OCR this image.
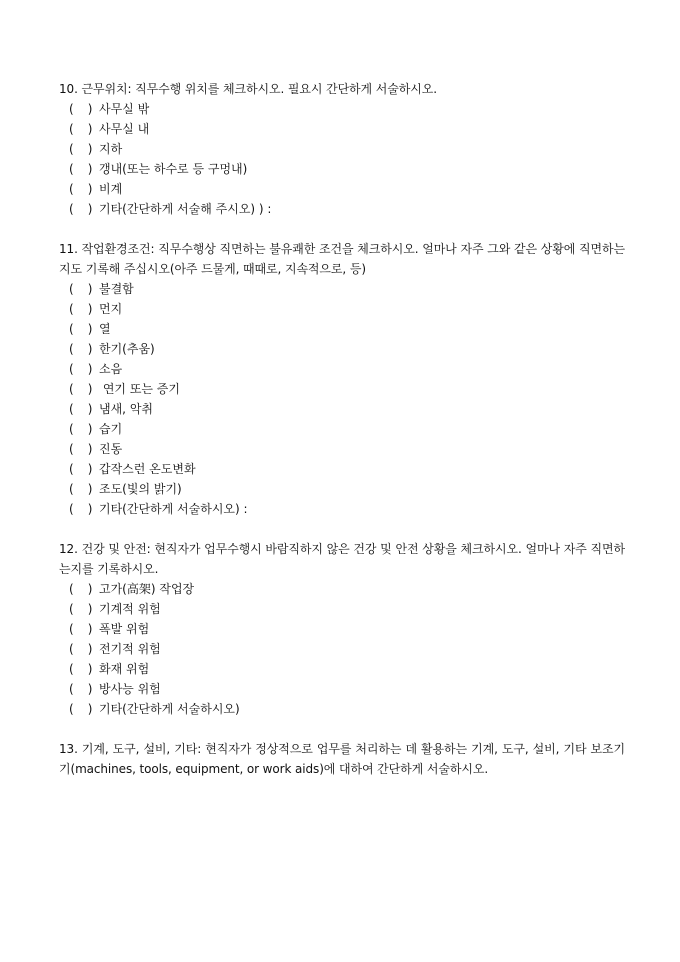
10. 근무위치: 직무수행 위치를 체크하시오. 필요시 간단하게 서술하시오.

( ) 사무실 밖
( ) 사무실 내
( ) 지하
( ) 갱내(또는 하수로 등 구멍내)
( ) 비계
( ) 기타(간단하게 서술해 주시오) ) :

11. 작업환경조건: 직무수행상 직면하는 불유쾌한 조건을 체크하시오. 얼마나 자주 그와 같은 상황에 직면하는 지도 기록해 주십시오(아주 드물게, 때때로, 지속적으로, 등)

( ) 불결함
( ) 먼지
( ) 열
( ) 한기(추움)
( ) 소음
( ) 연기 또는 증기
( ) 냄새, 악취
( ) 습기
( ) 진동
( ) 갑작스런 온도변화
( ) 조도(빛의 밝기)
( ) 기타(간단하게 서술하시오) :

12. 건강 및 안전: 현직자가 업무수행시 바람직하지 않은 건강 및 안전 상황을 체크하시오. 얼마나 자주 직면하는지를 기록하시오.

( ) 고가(高架) 작업장
( ) 기계적 위험
( ) 폭발 위험
( ) 전기적 위험
( ) 화재 위험
( ) 방사능 위험
( ) 기타(간단하게 서술하시오)

13. 기계, 도구, 설비, 기타: 현직자가 정상적으로 업무를 처리하는 데 활용하는 기계, 도구, 설비, 기타 보조기기(machines, tools, equipment, or work aids)에 대하여 간단하게 서술하시오.
